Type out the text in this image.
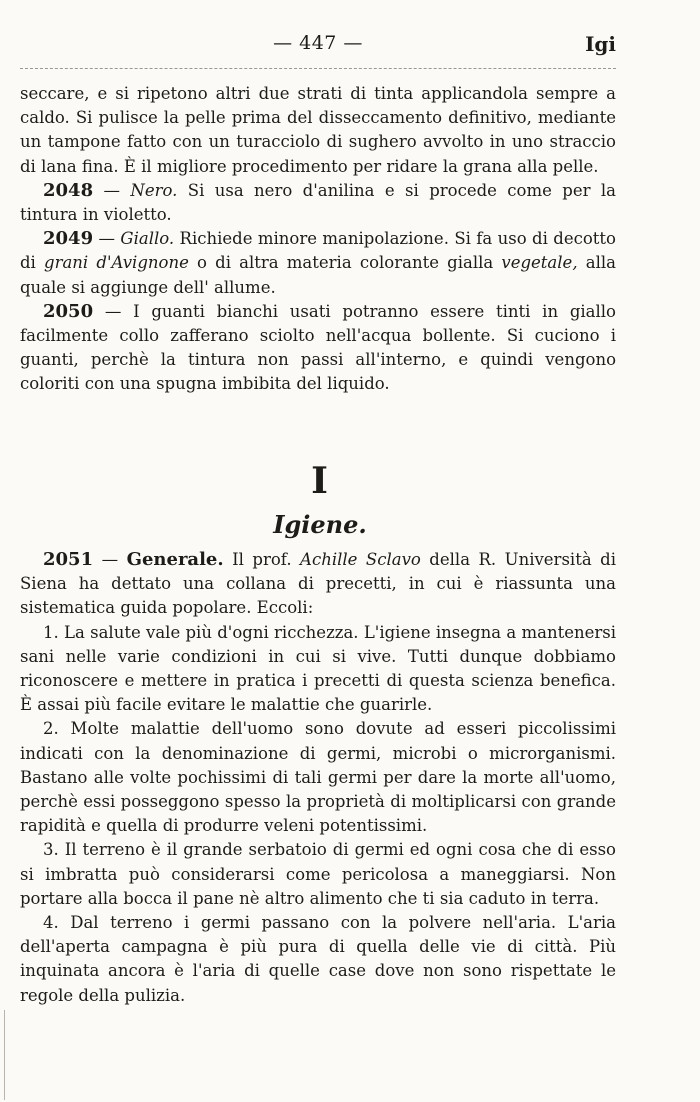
— 447 —	Igi

seccare, e si ripetono altri due strati di tinta applicandola sempre a caldo. Si pulisce la pelle prima del disseccamento definitivo, mediante un tampone fatto con un turacciolo di sughero avvolto in uno straccio di lana fina. È il migliore procedimento per ridare la grana alla pelle.

2048 — Nero. Si usa nero d'anilina e si procede come per la tintura in violetto.

2049 — Giallo. Richiede minore manipolazione. Si fa uso di decotto di grani d'Avignone o di altra materia colorante gialla vegetale, alla quale si aggiunge dell' allume.

2050 — I guanti bianchi usati potranno essere tinti in giallo facilmente collo zafferano sciolto nell'acqua bollente. Si cuciono i guanti, perchè la tintura non passi all'interno, e quindi vengono coloriti con una spugna imbibita del liquido.

I
Igiene.

2051 — Generale. Il prof. Achille Sclavo della R. Università di Siena ha dettato una collana di precetti, in cui è riassunta una sistematica guida popolare. Eccoli:

1. La salute vale più d'ogni ricchezza. L'igiene insegna a mantenersi sani nelle varie condizioni in cui si vive. Tutti dunque dobbiamo riconoscere e mettere in pratica i precetti di questa scienza benefica. È assai più facile evitare le malattie che guarirle.

2. Molte malattie dell'uomo sono dovute ad esseri piccolissimi indicati con la denominazione di germi, microbi o microrganismi. Bastano alle volte pochissimi di tali germi per dare la morte all'uomo, perchè essi posseggono spesso la proprietà di moltiplicarsi con grande rapidità e quella di produrre veleni potentissimi.

3. Il terreno è il grande serbatoio di germi ed ogni cosa che di esso si imbratta può considerarsi come pericolosa a maneggiarsi. Non portare alla bocca il pane nè altro alimento che ti sia caduto in terra.

4. Dal terreno i germi passano con la polvere nell'aria. L'aria dell'aperta campagna è più pura di quella delle vie di città. Più inquinata ancora è l'aria di quelle case dove non sono rispettate le regole della pulizia.
